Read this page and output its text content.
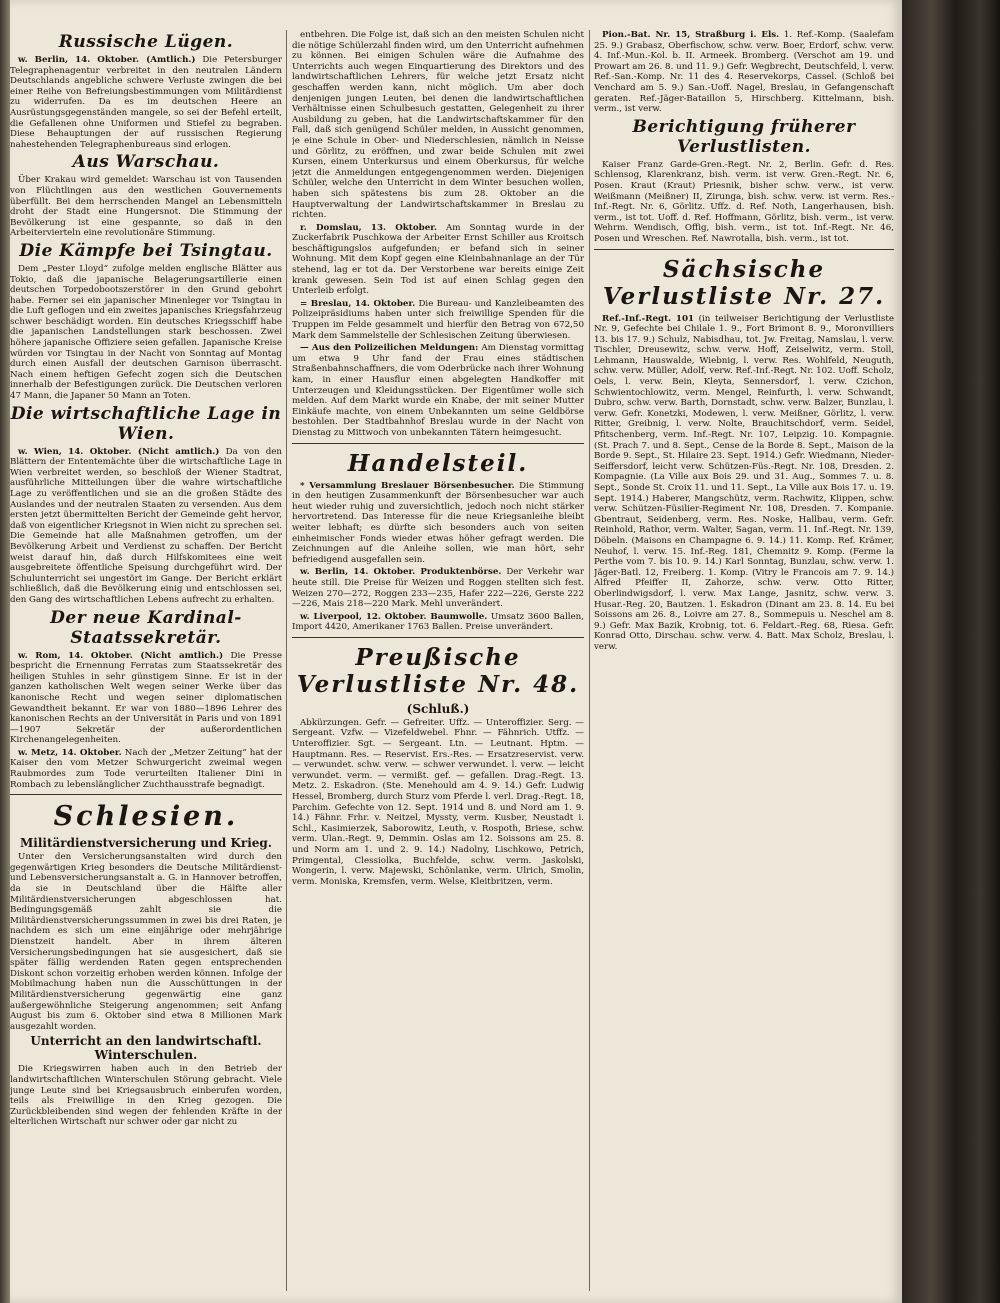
Russische Lügen.

w. Berlin, 14. Oktober. (Amtlich.) Die Petersburger Telegraphenagentur verbreitet in den neutralen Ländern Deutschlands angebliche schwere Verluste zwingen die bei einer Reihe von Befreiungsbestimmungen vom Militärdienst zu widerrufen. Da es im deutschen Heere an Ausrüstungsgegenständen mangele, so sei der Befehl erteilt, die Gefallenen ohne Uniformen und Stiefel zu begraben. Diese Behauptungen der auf russischen Regierung nahestehenden Telegraphenbureaus sind erlogen.

Aus Warschau.

Über Krakau wird gemeldet: Warschau ist von Tausenden von Flüchtlingen aus den westlichen Gouvernements überfüllt. Bei dem herrschenden Mangel an Lebensmitteln droht der Stadt eine Hungersnot. Die Stimmung der Bevölkerung ist eine gespannte, so daß in den Arbeitervierteln eine revolutionäre Stimmung.

Die Kämpfe bei Tsingtau.

Dem „Pester Lloyd“ zufolge melden englische Blätter aus Tokio, daß die japanische Belagerungsartillerie einen deutschen Torpedobootszerstörer in den Grund gebohrt habe. Ferner sei ein japanischer Minenleger vor Tsingtau in die Luft geflogen und ein zweites japanisches Kriegsfahrzeug schwer beschädigt worden. Ein deutsches Kriegsschiff habe die japanischen Landstellungen stark beschossen. Zwei höhere japanische Offiziere seien gefallen. Japanische Kreise würden vor Tsingtau in der Nacht von Sonntag auf Montag durch einen Ausfall der deutschen Garnison überrascht. Nach einem heftigen Gefecht zogen sich die Deutschen innerhalb der Befestigungen zurück. Die Deutschen verloren 47 Mann, die Japaner 50 Mann an Toten.

Die wirtschaftliche Lage in Wien.

w. Wien, 14. Oktober. (Nicht amtlich.) Da von den Blättern der Ententemächte über die wirtschaftliche Lage in Wien verbreitet werden, so beschloß der Wiener Stadtrat, ausführliche Mitteilungen über die wahre wirtschaftliche Lage zu veröffentlichen und sie an die großen Städte des Auslandes und der neutralen Staaten zu versenden. Aus dem ersten jetzt übermittelten Bericht der Gemeinde geht hervor, daß von eigentlicher Kriegsnot in Wien nicht zu sprechen sei. Die Gemeinde hat alle Maßnahmen getroffen, um der Bevölkerung Arbeit und Verdienst zu schaffen. Der Bericht weist darauf hin, daß durch Hilfskomitees eine weit ausgebreitete öffentliche Speisung durchgeführt wird. Der Schulunterricht sei ungestört im Gange. Der Bericht erklärt schließlich, daß die Bevölkerung einig und entschlossen sei, den Gang des wirtschaftlichen Lebens aufrecht zu erhalten.

Der neue Kardinal-Staatssekretär.

w. Rom, 14. Oktober. (Nicht amtlich.) Die Presse bespricht die Ernennung Ferratas zum Staatssekretär des heiligen Stuhles in sehr günstigem Sinne. Er ist in der ganzen katholischen Welt wegen seiner Werke über das kanonische Recht und wegen seiner diplomatischen Gewandtheit bekannt. Er war von 1880—1896 Lehrer des kanonischen Rechts an der Universität in Paris und von 1891—1907 Sekretär der außerordentlichen Kirchenangelegenheiten.

w. Metz, 14. Oktober. Nach der „Metzer Zeitung“ hat der Kaiser den vom Metzer Schwurgericht zweimal wegen Raubmordes zum Tode verurteilten Italiener Dini in Rombach zu lebenslänglicher Zuchthausstrafe begnadigt.

Schlesien.
Militärdienstversicherung und Krieg.

Unter den Versicherungsanstalten wird durch den gegenwärtigen Krieg besonders die Deutsche Militärdienst- und Lebensversicherungsanstalt a. G. in Hannover betroffen, da sie in Deutschland über die Hälfte aller Militärdienstversicherungen abgeschlossen hat. Bedingungsgemäß zahlt sie die Militärdienstversicherungssummen in zwei bis drei Raten, je nachdem es sich um eine einjährige oder mehrjährige Dienstzeit handelt. Aber in ihrem älteren Versicherungsbedingungen hat sie ausgesichert, daß sie später fällig werdenden Raten gegen entsprechenden Diskont schon vorzeitig erhoben werden können. Infolge der Mobilmachung haben nun die Ausschüttungen in der Militärdienstversicherung gegenwärtig eine ganz außergewöhnliche Steigerung angenommen; seit Anfang August bis zum 6. Oktober sind etwa 8 Millionen Mark ausgezahlt worden.

Unterricht an den landwirtschaftl. Winterschulen.

Die Kriegswirren haben auch in den Betrieb der landwirtschaftlichen Winterschulen Störung gebracht. Viele junge Leute sind bei Kriegsausbruch einberufen worden, teils als Freiwillige in den Krieg gezogen. Die Zurückbleibenden sind wegen der fehlenden Kräfte in der elterlichen Wirtschaft nur schwer oder gar nicht zu

entbehren. Die Folge ist, daß sich an den meisten Schulen nicht die nötige Schülerzahl finden wird, um den Unterricht aufnehmen zu können. Bei einigen Schulen wäre die Aufnahme des Unterrichts auch wegen Einquartierung des Direktors und des landwirtschaftlichen Lehrers, für welche jetzt Ersatz nicht geschaffen werden kann, nicht möglich. Um aber doch denjenigen jungen Leuten, bei denen die landwirtschaftlichen Verhältnisse einen Schulbesuch gestatten, Gelegenheit zu ihrer Ausbildung zu geben, hat die Landwirtschaftskammer für den Fall, daß sich genügend Schüler melden, in Aussicht genommen, je eine Schule in Ober- und Niederschlesien, nämlich in Neisse und Görlitz, zu eröffnen, und zwar beide Schulen mit zwei Kursen, einem Unterkursus und einem Oberkursus, für welche jetzt die Anmeldungen entgegengenommen werden. Diejenigen Schüler, welche den Unterricht in dem Winter besuchen wollen, haben sich spätestens bis zum 28. Oktober an die Hauptverwaltung der Landwirtschaftskammer in Breslau zu richten.

r. Domslau, 13. Oktober. Am Sonntag wurde in der Zuckerfabrik Puschkowa der Arbeiter Ernst Schiller aus Kroitsch beschäftigungslos aufgefunden; er befand sich in seiner Wohnung. Mit dem Kopf gegen eine Kleinbahnanlage an der Tür stehend, lag er tot da. Der Verstorbene war bereits einige Zeit krank gewesen. Sein Tod ist auf einen Schlag gegen den Unterleib erfolgt.

= Breslau, 14. Oktober. Die Bureau- und Kanzleibeamten des Polizeipräsidiums haben unter sich freiwillige Spenden für die Truppen im Felde gesammelt und hierfür den Betrag von 672,50 Mark dem Sammelstelle der Schlesischen Zeitung überwiesen.

— Aus den Polizeilichen Meldungen: Am Dienstag vormittag um etwa 9 Uhr fand der Frau eines städtischen Straßenbahnschaffners, die vom Oderbrücke nach ihrer Wohnung kam, in einer Hausflur einen abgelegten Handkoffer mit Unterzeugen und Kleidungsstücken. Der Eigentümer wolle sich melden. Auf dem Markt wurde ein Knabe, der mit seiner Mutter Einkäufe machte, von einem Unbekannten um seine Geldbörse bestohlen. Der Stadtbahnhof Breslau wurde in der Nacht von Dienstag zu Mittwoch von unbekannten Tätern heimgesucht.

Handelsteil.

* Versammlung Breslauer Börsenbesucher. Die Stimmung in den heutigen Zusammenkunft der Börsenbesucher war auch heut wieder ruhig und zuversichtlich, jedoch noch nicht stärker hervortretend. Das Interesse für die neue Kriegsanleihe bleibt weiter lebhaft; es dürfte sich besonders auch von seiten einheimischer Fonds wieder etwas höher gefragt werden. Die Zeichnungen auf die Anleihe sollen, wie man hört, sehr befriedigend ausgefallen sein.

w. Berlin, 14. Oktober. Produktenbörse. Der Verkehr war heute still. Die Preise für Weizen und Roggen stellten sich fest. Weizen 270—272, Roggen 233—235, Hafer 222—226, Gerste 222—226, Mais 218—220 Mark. Mehl unverändert.

w. Liverpool, 12. Oktober. Baumwolle. Umsatz 3600 Ballen, Import 4420, Amerikaner 1763 Ballen. Preise unverändert.

Preußische Verlustliste Nr. 48.
(Schluß.)

Abkürzungen. Gefr. — Gefreiter. Uffz. — Unteroffizier. Serg. — Sergeant. Vzfw. — Vizefeldwebel. Fhnr. — Fähnrich. Utffz. — Unteroffizier. Sgt. — Sergeant. Ltn. — Leutnant. Hptm. — Hauptmann. Res. — Reservist. Ers.-Res. — Ersatzreservist. verw. — verwundet. schw. verw. — schwer verwundet. l. verw. — leicht verwundet. verm. — vermißt. gef. — gefallen. Drag.-Regt. 13. Metz. 2. Eskadron. (Ste. Menehould am 4. 9. 14.) Gefr. Ludwig Hessel, Bromberg, durch Sturz vom Pferde l. verl. Drag.-Regt. 18, Parchim. Gefechte von 12. Sept. 1914 und 8. und Nord am 1. 9. 14.) Fähnr. Frhr. v. Neitzel, Myssty, verm. Kusber, Neustadt i. Schl., Kasimierzek, Saborowitz, Leuth, v. Rospoth, Briese, schw. verm. Ulan.-Regt. 9, Demmin. Oslas am 12. Soissons am 25. 8. und Norm am 1. und 2. 9. 14.) Nadolny, Lischkowo, Petrich, Primgental, Clessiolka, Buchfelde, schw. verm. Jaskolski, Wongerin, l. verw. Majewski, Schönlanke, verm. Ulrich, Smolin, verm. Moniska, Kremsfen, verm. Welse, Kleitbritzen, verm.

Pion.-Bat. Nr. 15, Straßburg i. Els. 1. Ref.-Komp. (Saalefam 25. 9.) Grabasz, Oberfischow, schw. verw. Boer, Erdorf, schw. verw. 4. Inf.-Mun.-Kol. b. II. Armeek. Bromberg. (Verschot am 19. und Prowart am 26. 8. und 11. 9.) Gefr. Wegbrecht, Deutschfeld, l. verw. Ref.-San.-Komp. Nr. 11 des 4. Reservekorps, Cassel. (Schloß bei Venchard am 5. 9.) San.-Uoff. Nagel, Breslau, in Gefangenschaft geraten. Ref.-Jäger-Bataillon 5, Hirschberg. Kittelmann, bish. verm., ist verw.

Berichtigung früherer Verlustlisten.

Kaiser Franz Garde-Gren.-Regt. Nr. 2, Berlin. Gefr. d. Res. Schlensog, Klarenkranz, bish. verm. ist verw. Gren.-Regt. Nr. 6, Posen. Kraut (Kraut) Priesnik, bisher schw. verw., ist verw. Weißmann (Meißner) II, Zirunga, bish. schw. verw. ist verm. Res.-Inf.-Regt. Nr. 6, Görlitz. Uffz. d. Ref. Noth, Langerhausen, bish. verm., ist tot. Uoff. d. Ref. Hoffmann, Görlitz, bish. verm., ist verw. Wehrm. Wendisch, Offig, bish. verm., ist tot. Inf.-Regt. Nr. 46, Posen und Wreschen. Ref. Nawrotalla, bish. verm., ist tot.

Sächsische Verlustliste Nr. 27.

Ref.-Inf.-Regt. 101 (in teilweiser Berichtigung der Verlustliste Nr. 9, Gefechte bei Chilale 1. 9., Fort Brimont 8. 9., Moronvilliers 13. bis 17. 9.) Schulz, Nabisdhau, tot. Jw. Freitag, Namslau, l. verw. Tischler, Dreusewitz, schw. verw. Hoff, Zeiselwitz, verm. Stoll, Lehmann, Hauswalde, Wiebnig, l. verw. Res. Wohlfeld, Neuguth, schw. verw. Müller, Adolf, verw. Ref.-Inf.-Regt. Nr. 102. Uoff. Scholz, Oels, l. verw. Bein, Kleyta, Sennersdorf, l. verw. Czichon, Schwientochlowitz, verm. Mengel, Reinfurth, l. verw. Schwandt, Dubro, schw. verw. Barth, Dornstadt, schw. verw. Balzer, Bunzlau, l. verw. Gefr. Konetzki, Modewen, l. verw. Meißner, Görlitz, l. verw. Ritter, Greibnig, l. verw. Nolte, Brauchitschdorf, verm. Seidel, Pfitschenberg, verm. Inf.-Regt. Nr. 107, Leipzig. 10. Kompagnie. (St. Prach 7. und 8. Sept., Cense de la Borde 8. Sept., Maison de la Borde 9. Sept., St. Hilaire 23. Sept. 1914.) Gefr. Wiedmann, Nieder-Seiffersdorf, leicht verw. Schützen-Füs.-Regt. Nr. 108, Dresden. 2. Kompagnie. (La Ville aux Bois 29. und 31. Aug., Sommes 7. u. 8. Sept., Sonde St. Croix 11. und 11. Sept., La Ville aux Bois 17. u. 19. Sept. 1914.) Haberer, Mangschütz, verm. Rachwitz, Klippen, schw. verw. Schützen-Füsilier-Regiment Nr. 108, Dresden. 7. Kompanie. Gbentraut, Seidenberg, verm. Res. Noske, Hallbau, verm. Gefr. Reinhold, Rathor, verm. Walter, Sagan, verm. 11. Inf.-Regt. Nr. 139, Döbeln. (Maisons en Champagne 6. 9. 14.) 11. Komp. Ref. Krämer, Neuhof, l. verw. 15. Inf.-Reg. 181, Chemnitz 9. Komp. (Ferme la Perthe vom 7. bis 10. 9. 14.) Karl Sonntag, Bunzlau, schw. verw. 1. Jäger-Batl. 12, Freiberg. 1. Komp. (Vitry le Francois am 7. 9. 14.) Alfred Pfeiffer II, Zahorze, schw. verw. Otto Ritter, Oberlindwigsdorf, l. verw. Max Lange, Jasnitz, schw. verw. 3. Husar.-Reg. 20, Bautzen. 1. Eskadron (Dinant am 23. 8. 14. Eu bei Soissons am 26. 8., Loivre am 27. 8., Sommepuis u. Neschel am 8. 9.) Gefr. Max Bazik, Krobnig, tot. 6. Feldart.-Reg. 68, Riesa. Gefr. Konrad Otto, Dirschau. schw. verw. 4. Batt. Max Scholz, Breslau, l. verw.
